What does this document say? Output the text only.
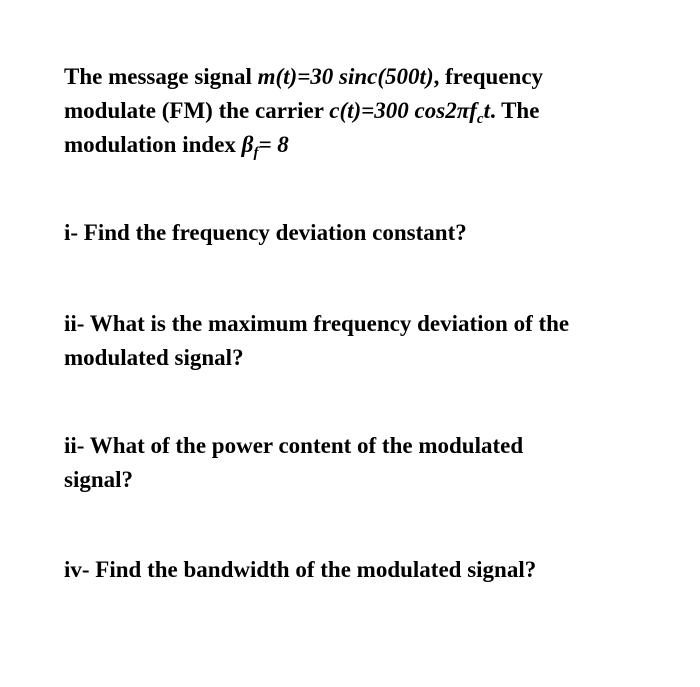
The message signal m(t)=30 sinc(500t), frequency
modulate (FM) the carrier c(t)=300 $\cos 2\pi f_ct$. The
modulation index $\beta_f= 8$
i- Find the frequency deviation constant?
ii- What is the maximum frequency deviation of the
modulated signal?
ii- What of the power content of the modulated
signal?
iv- Find the bandwidth of the modulated signal?
